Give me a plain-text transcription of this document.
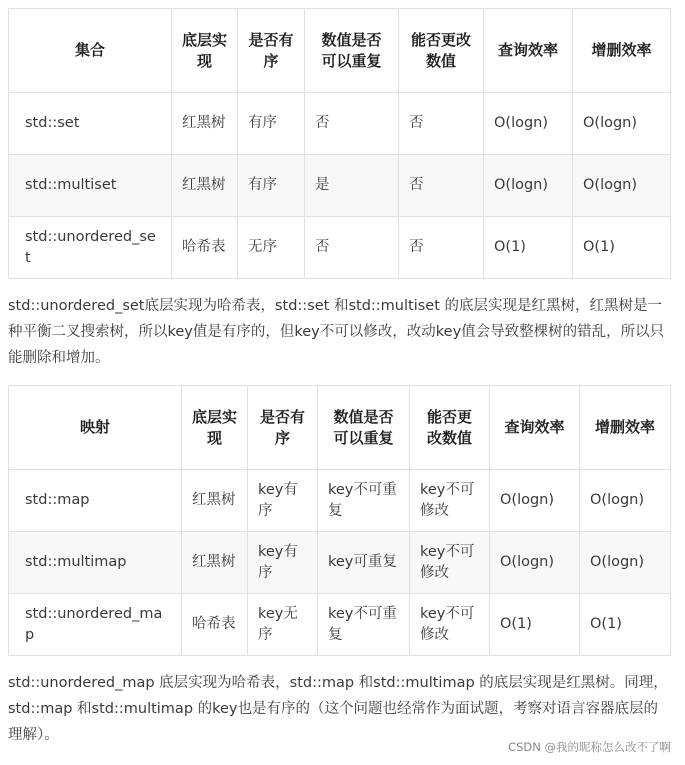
集合	底层实现	是否有序	数值是否可以重复	能否更改数值	查询效率	增删效率
std::set	红黑树	有序	否	否	O(logn)	O(logn)
std::multiset	红黑树	有序	是	否	O(logn)	O(logn)
std::unordered_set	哈希表	无序	否	否	O(1)	O(1)

std::unordered_set底层实现为哈希表，std::set 和std::multiset 的底层实现是红黑树，红黑树是一种平衡二叉搜索树，所以key值是有序的，但key不可以修改，改动key值会导致整棵树的错乱，所以只能删除和增加。

映射	底层实现	是否有序	数值是否可以重复	能否更改数值	查询效率	增删效率
std::map	红黑树	key有序	key不可重复	key不可修改	O(logn)	O(logn)
std::multimap	红黑树	key有序	key可重复	key不可修改	O(logn)	O(logn)
std::unordered_map	哈希表	key无序	key不可重复	key不可修改	O(1)	O(1)

std::unordered_map 底层实现为哈希表，std::map 和std::multimap 的底层实现是红黑树。同理，std::map 和std::multimap 的key也是有序的（这个问题也经常作为面试题，考察对语言容器底层的理解）。

CSDN @我的昵称怎么改不了啊
